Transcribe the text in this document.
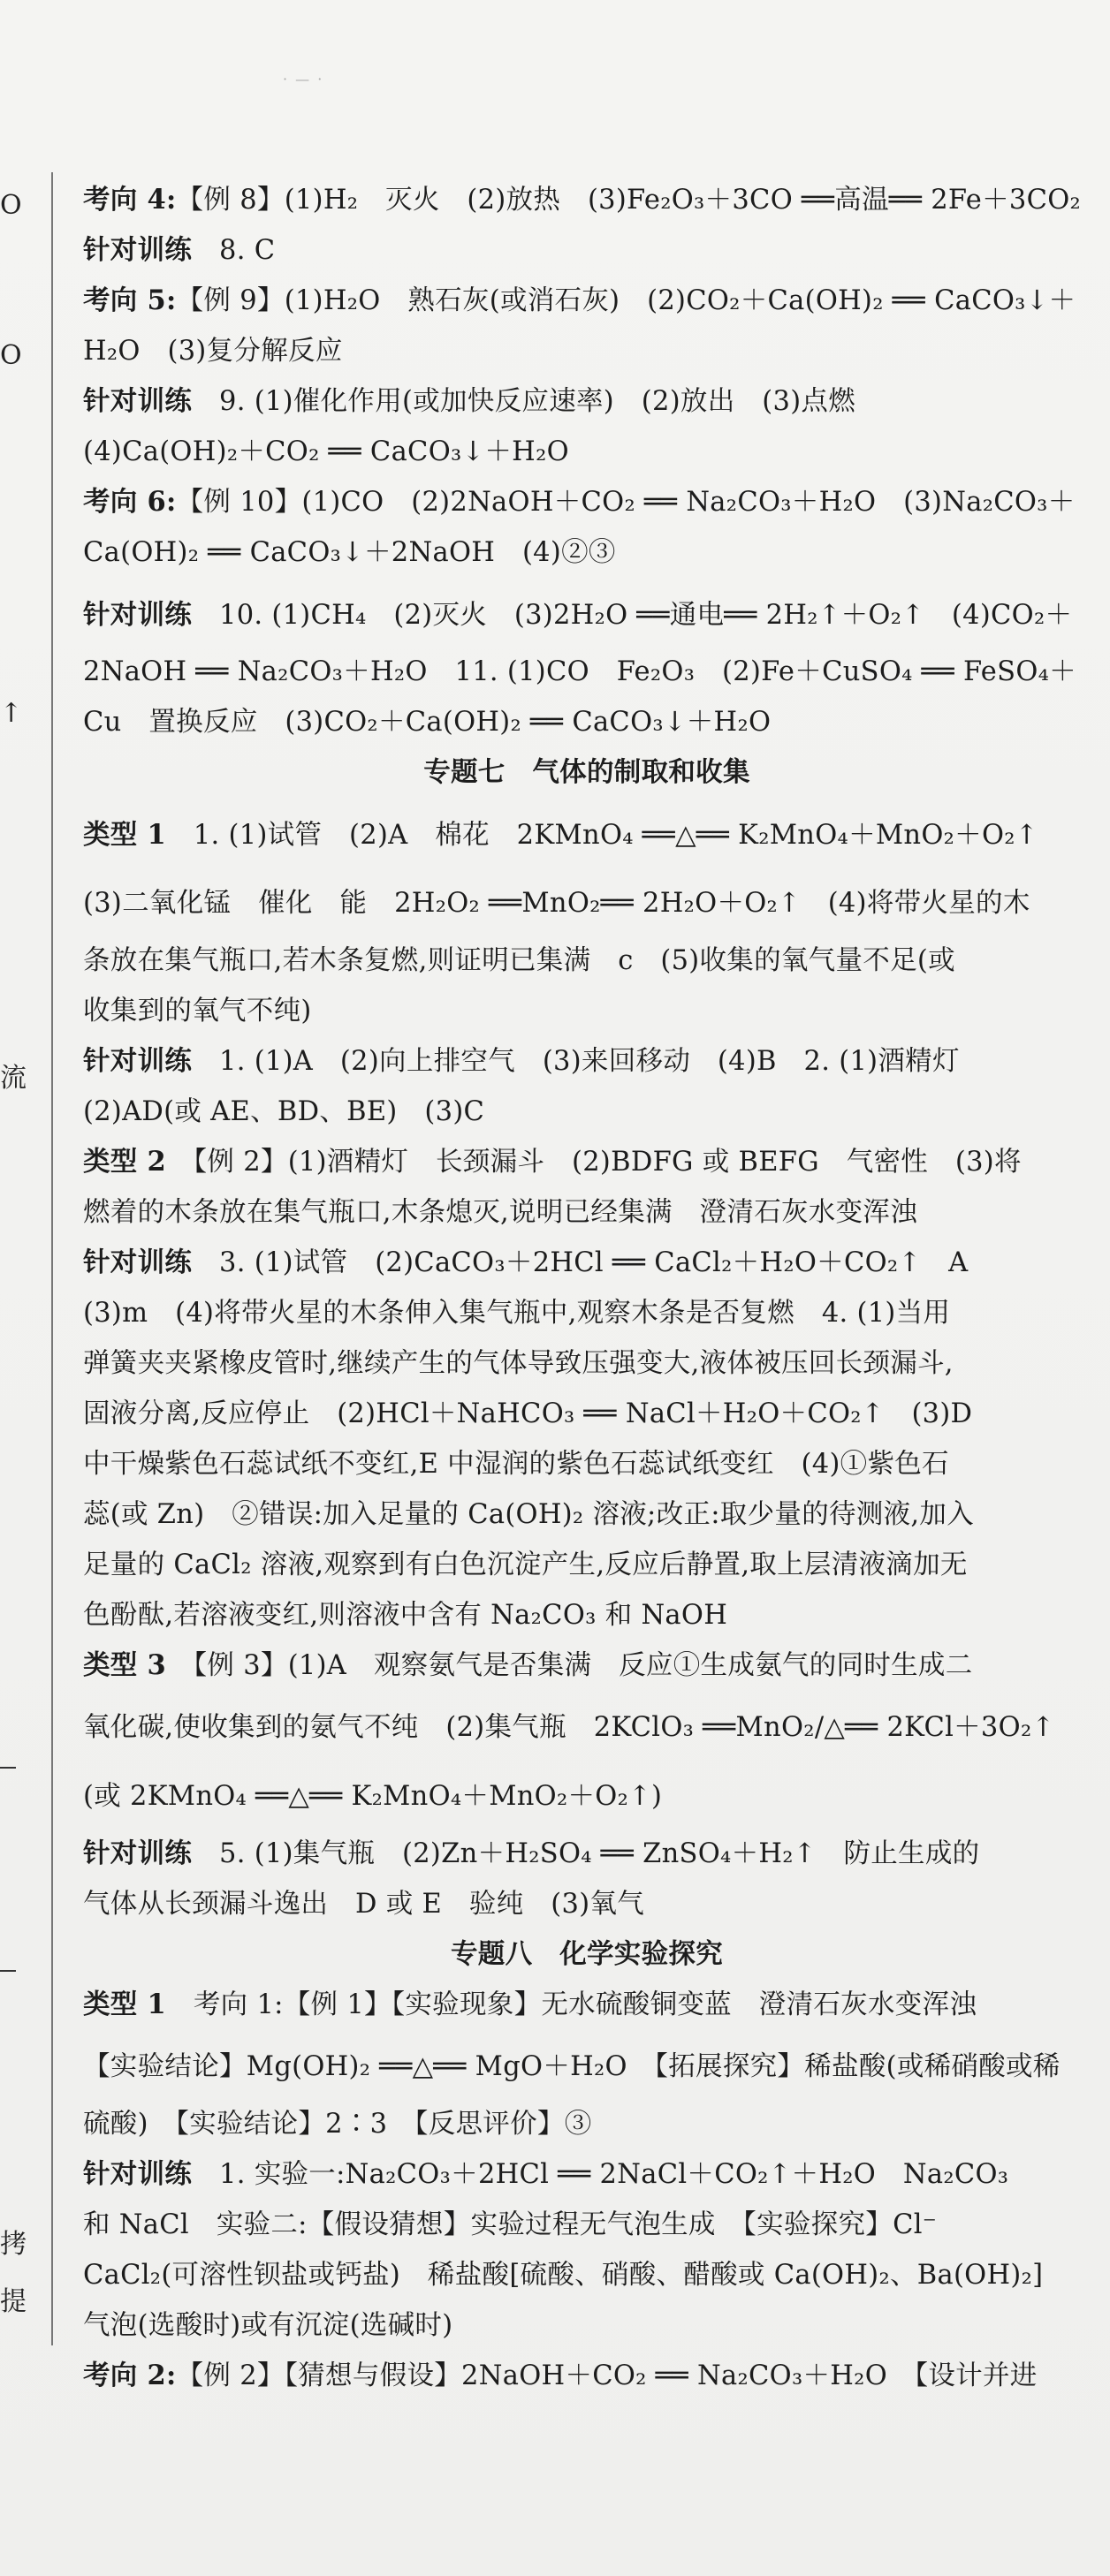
· — ·
O
O
↑
流
拷
提
考向 4:【例 8】(1)H₂　灭火　(2)放热　(3)Fe₂O₃＋3CO ══高温══ 2Fe＋3CO₂
针对训练　8. C
考向 5:【例 9】(1)H₂O　熟石灰(或消石灰)　(2)CO₂＋Ca(OH)₂ ══ CaCO₃↓＋
H₂O　(3)复分解反应
针对训练　9. (1)催化作用(或加快反应速率)　(2)放出　(3)点燃
(4)Ca(OH)₂＋CO₂ ══ CaCO₃↓＋H₂O
考向 6:【例 10】(1)CO　(2)2NaOH＋CO₂ ══ Na₂CO₃＋H₂O　(3)Na₂CO₃＋
Ca(OH)₂ ══ CaCO₃↓＋2NaOH　(4)②③
针对训练　10. (1)CH₄　(2)灭火　(3)2H₂O ══通电══ 2H₂↑＋O₂↑　(4)CO₂＋
2NaOH ══ Na₂CO₃＋H₂O　11. (1)CO　Fe₂O₃　(2)Fe＋CuSO₄ ══ FeSO₄＋
Cu　置换反应　(3)CO₂＋Ca(OH)₂ ══ CaCO₃↓＋H₂O
专题七　气体的制取和收集
类型 1　1. (1)试管　(2)A　棉花　2KMnO₄ ══△══ K₂MnO₄＋MnO₂＋O₂↑
(3)二氧化锰　催化　能　2H₂O₂ ══MnO₂══ 2H₂O＋O₂↑　(4)将带火星的木
条放在集气瓶口,若木条复燃,则证明已集满　c　(5)收集的氧气量不足(或
收集到的氧气不纯)
针对训练　1. (1)A　(2)向上排空气　(3)来回移动　(4)B　2. (1)酒精灯
(2)AD(或 AE、BD、BE)　(3)C
类型 2　【例 2】(1)酒精灯　长颈漏斗　(2)BDFG 或 BEFG　气密性　(3)将
燃着的木条放在集气瓶口,木条熄灭,说明已经集满　澄清石灰水变浑浊
针对训练　3. (1)试管　(2)CaCO₃＋2HCl ══ CaCl₂＋H₂O＋CO₂↑　A
(3)m　(4)将带火星的木条伸入集气瓶中,观察木条是否复燃　4. (1)当用
弹簧夹夹紧橡皮管时,继续产生的气体导致压强变大,液体被压回长颈漏斗,
固液分离,反应停止　(2)HCl＋NaHCO₃ ══ NaCl＋H₂O＋CO₂↑　(3)D
中干燥紫色石蕊试纸不变红,E 中湿润的紫色石蕊试纸变红　(4)①紫色石
蕊(或 Zn)　②错误:加入足量的 Ca(OH)₂ 溶液;改正:取少量的待测液,加入
足量的 CaCl₂ 溶液,观察到有白色沉淀产生,反应后静置,取上层清液滴加无
色酚酞,若溶液变红,则溶液中含有 Na₂CO₃ 和 NaOH
类型 3　【例 3】(1)A　观察氨气是否集满　反应①生成氨气的同时生成二
氧化碳,使收集到的氨气不纯　(2)集气瓶　2KClO₃ ══MnO₂/△══ 2KCl＋3O₂↑
(或 2KMnO₄ ══△══ K₂MnO₄＋MnO₂＋O₂↑)
针对训练　5. (1)集气瓶　(2)Zn＋H₂SO₄ ══ ZnSO₄＋H₂↑　防止生成的
气体从长颈漏斗逸出　D 或 E　验纯　(3)氧气
专题八　化学实验探究
类型 1　考向 1:【例 1】【实验现象】无水硫酸铜变蓝　澄清石灰水变浑浊
【实验结论】Mg(OH)₂ ══△══ MgO＋H₂O　【拓展探究】稀盐酸(或稀硝酸或稀
硫酸)　【实验结论】2∶3　【反思评价】③
针对训练　1. 实验一:Na₂CO₃＋2HCl ══ 2NaCl＋CO₂↑＋H₂O　Na₂CO₃
和 NaCl　实验二:【假设猜想】实验过程无气泡生成　【实验探究】Cl⁻
CaCl₂(可溶性钡盐或钙盐)　稀盐酸[硫酸、硝酸、醋酸或 Ca(OH)₂、Ba(OH)₂]
气泡(选酸时)或有沉淀(选碱时)
考向 2:【例 2】【猜想与假设】2NaOH＋CO₂ ══ Na₂CO₃＋H₂O　【设计并进
